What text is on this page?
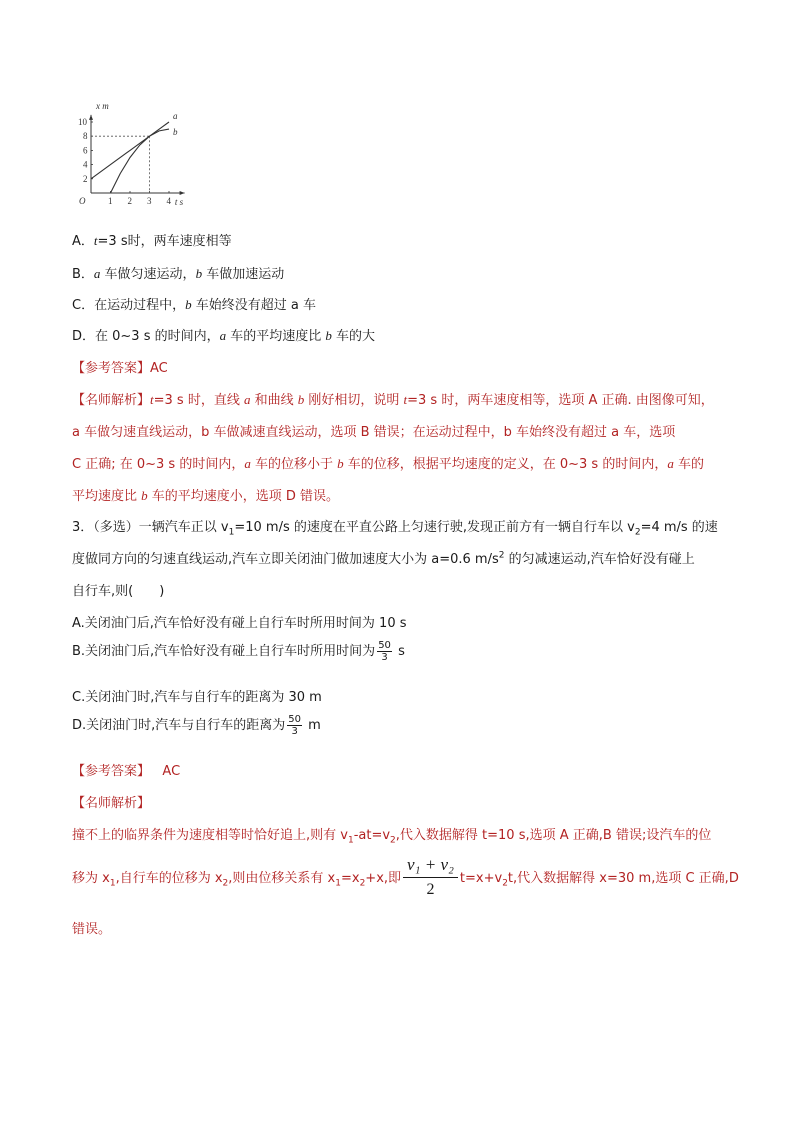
x m
t s
O	1 2 3 4
2
4
6
8
10
a
b
A．t=3 s时，两车速度相等
B．a 车做匀速运动，b 车做加速运动
C．在运动过程中，b 车始终没有超过 a 车
D．在 0~3 s 的时间内，a 车的平均速度比 b 车的大
【参考答案】AC
【名师解析】t=3 s 时，直线 a 和曲线 b 刚好相切，说明 t=3 s 时，两车速度相等，选项 A 正确. 由图像可知，
a 车做匀速直线运动，b 车做减速直线运动，选项 B 错误；在运动过程中，b 车始终没有超过 a 车，选项
C 正确; 在 0~3 s 的时间内，a 车的位移小于 b 车的位移，根据平均速度的定义，在 0~3 s 的时间内，a 车的
平均速度比 b 车的平均速度小，选项 D 错误。
3．（多选）一辆汽车正以 $v_1=10$ m/s 的速度在平直公路上匀速行驶,发现正前方有一辆自行车以 $v_2=4$ m/s 的速
度做同方向的匀速直线运动,汽车立即关闭油门做加速度大小为 a=0.6 $m/s^2$ 的匀减速运动,汽车恰好没有碰上
自行车,则(　　)
A.关闭油门后,汽车恰好没有碰上自行车时所用时间为 10 s
B.关闭油门后,汽车恰好没有碰上自行车时所用时间为 $\frac{50}{3}$ s
C.关闭油门时,汽车与自行车的距离为 30 m
D.关闭油门时,汽车与自行车的距离为 $\frac{50}{3}$ m
【参考答案】 AC
【名师解析】
撞不上的临界条件为速度相等时恰好追上,则有 $v_1-at=v_2$,代入数据解得 t=10 s,选项 A 正确,B 错误;设汽车的位
移为 $x_1$,自行车的位移为 $x_2$,则由位移关系有 $x_1=x_2+x$,即 $\frac{\text{v₁ + v₂}}{2} t=x+v_2t$,代入数据解得 x=30 m,选项 C 正确,D
错误。
